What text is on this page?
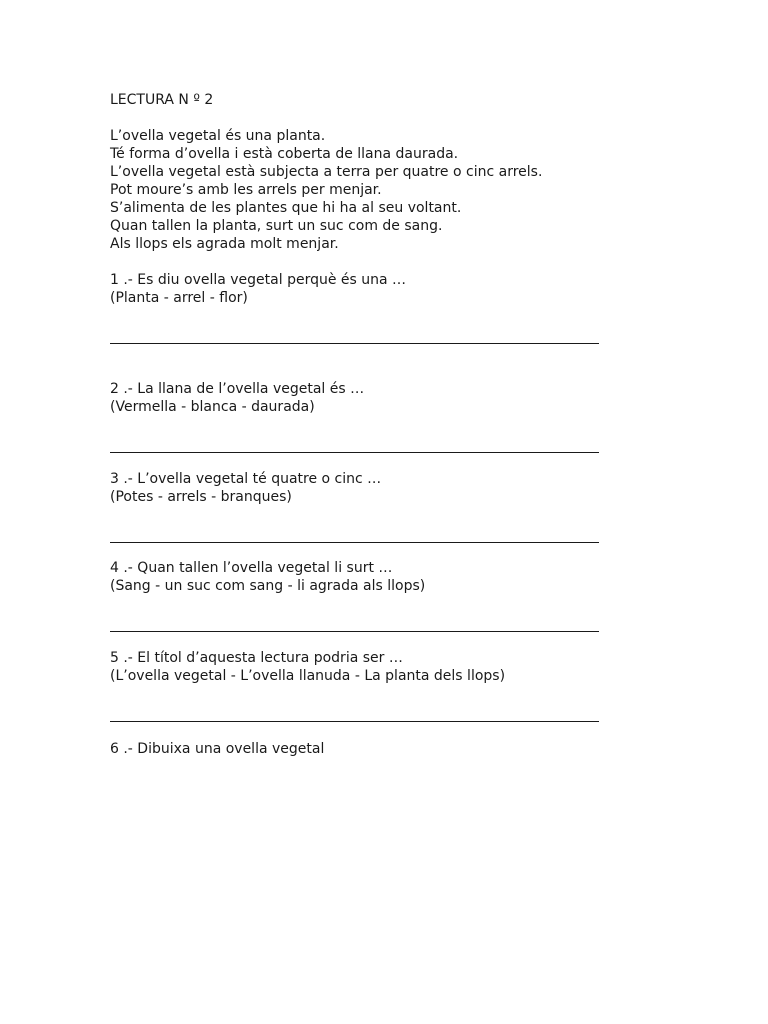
LECTURA N º 2
L’ovella vegetal és una planta.
Té forma d’ovella i està coberta de llana daurada.
L’ovella vegetal està subjecta a terra per quatre o cinc arrels.
Pot moure’s amb les arrels per menjar.
S’alimenta de les plantes que hi ha al seu voltant.
Quan tallen la planta, surt un suc com de sang.
Als llops els agrada molt menjar.
1 .- Es diu ovella vegetal perquè és una …
(Planta - arrel - flor)
2 .- La llana de l’ovella vegetal és …
(Vermella - blanca - daurada)
3 .- L’ovella vegetal té quatre o cinc …
(Potes - arrels - branques)
4 .- Quan tallen l’ovella vegetal li surt …
(Sang - un suc com sang - li agrada als llops)
5 .- El títol d’aquesta lectura podria ser …
(L’ovella vegetal - L’ovella llanuda - La planta dels llops)
6 .- Dibuixa una ovella vegetal
